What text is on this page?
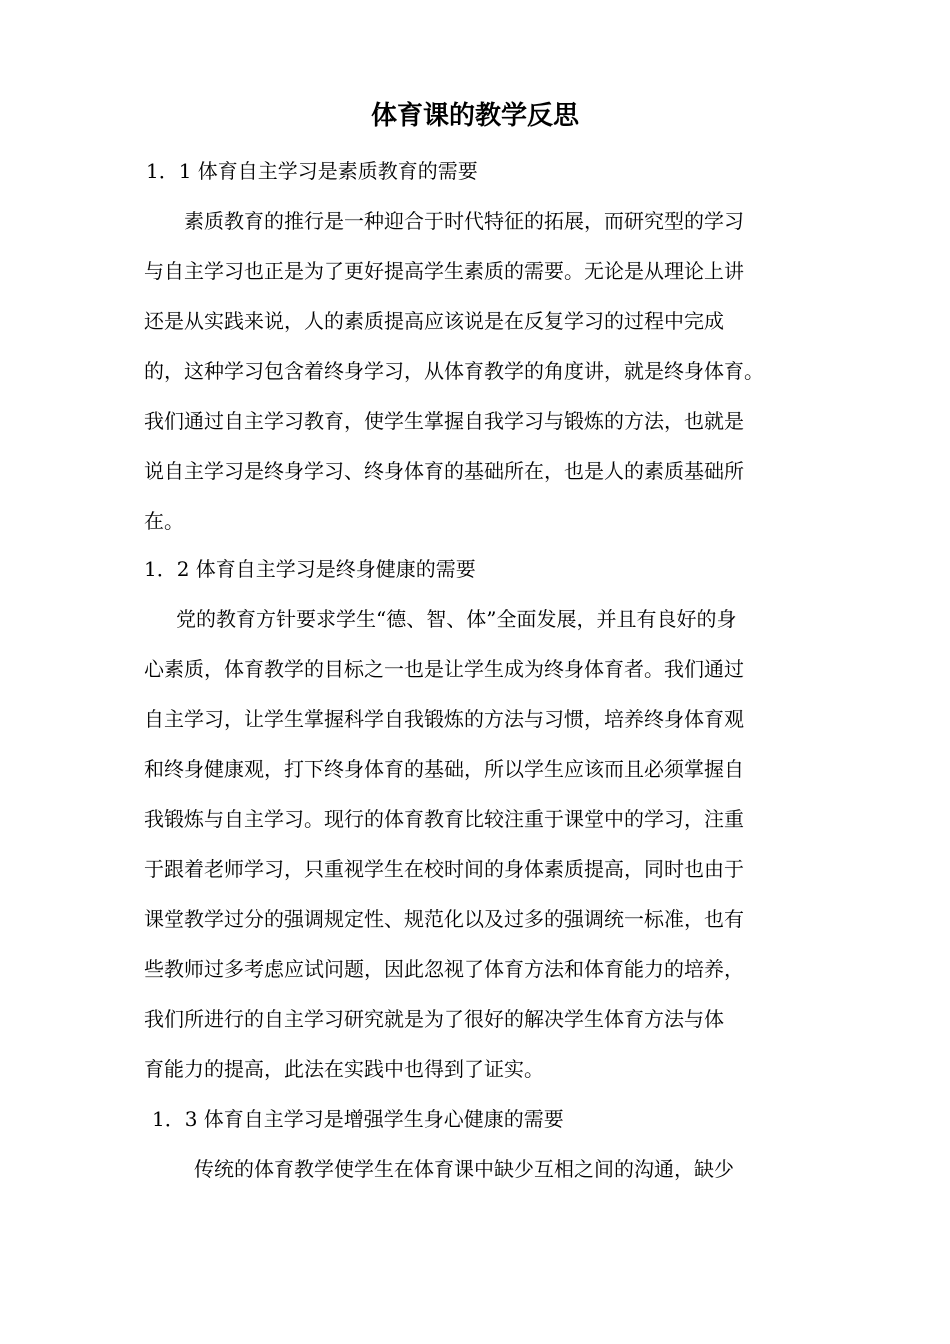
体育课的教学反思
1．1 体育自主学习是素质教育的需要
素质教育的推行是一种迎合于时代特征的拓展，而研究型的学习
与自主学习也正是为了更好提高学生素质的需要。无论是从理论上讲
还是从实践来说，人的素质提高应该说是在反复学习的过程中完成
的，这种学习包含着终身学习，从体育教学的角度讲，就是终身体育。
我们通过自主学习教育，使学生掌握自我学习与锻炼的方法，也就是
说自主学习是终身学习、终身体育的基础所在，也是人的素质基础所
在。
1．2 体育自主学习是终身健康的需要
党的教育方针要求学生“德、智、体”全面发展，并且有良好的身
心素质，体育教学的目标之一也是让学生成为终身体育者。我们通过
自主学习，让学生掌握科学自我锻炼的方法与习惯，培养终身体育观
和终身健康观，打下终身体育的基础，所以学生应该而且必须掌握自
我锻炼与自主学习。现行的体育教育比较注重于课堂中的学习，注重
于跟着老师学习，只重视学生在校时间的身体素质提高，同时也由于
课堂教学过分的强调规定性、规范化以及过多的强调统一标准，也有
些教师过多考虑应试问题，因此忽视了体育方法和体育能力的培养，
我们所进行的自主学习研究就是为了很好的解决学生体育方法与体
育能力的提高，此法在实践中也得到了证实。
1．3 体育自主学习是增强学生身心健康的需要
传统的体育教学使学生在体育课中缺少互相之间的沟通，缺少
